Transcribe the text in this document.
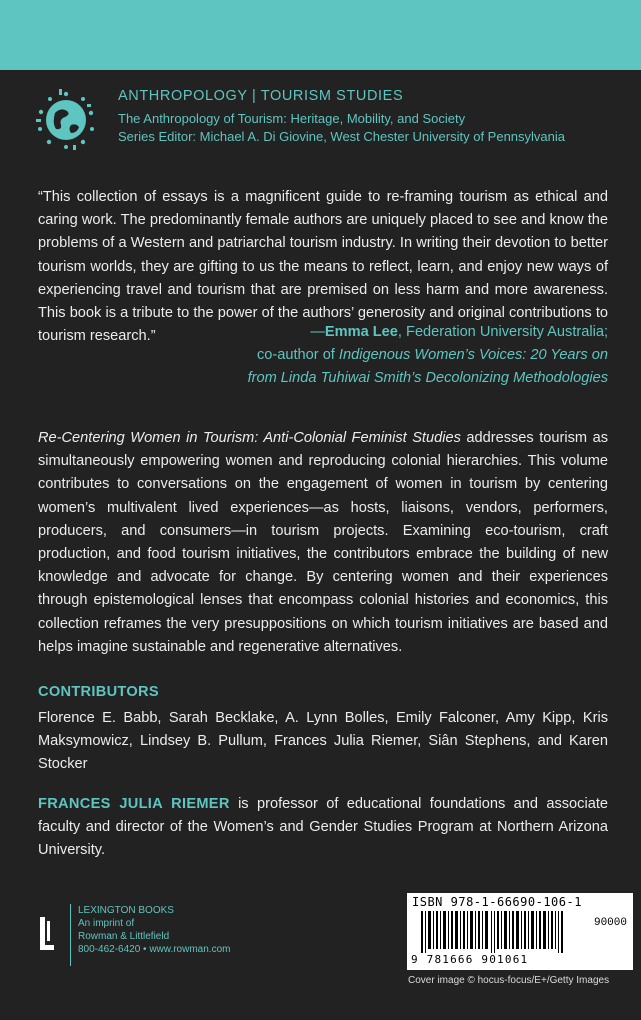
ANTHROPOLOGY | TOURISM STUDIES
The Anthropology of Tourism: Heritage, Mobility, and Society
Series Editor: Michael A. Di Giovine, West Chester University of Pennsylvania
“This collection of essays is a magnificent guide to re-framing tourism as ethical and caring work. The predominantly female authors are uniquely placed to see and know the problems of a Western and patriarchal tourism industry. In writing their devotion to better tourism worlds, they are gifting to us the means to reflect, learn, and enjoy new ways of experiencing travel and tourism that are premised on less harm and more awareness. This book is a tribute to the power of the authors’ generosity and original contributions to tourism research.”	—Emma Lee, Federation University Australia;
co-author of Indigenous Women’s Voices: 20 Years on
from Linda Tuhiwai Smith’s Decolonizing Methodologies
Re-Centering Women in Tourism: Anti-Colonial Feminist Studies addresses tourism as simultaneously empowering women and reproducing colonial hierarchies. This volume contributes to conversations on the engagement of women in tourism by centering women’s multivalent lived experiences—as hosts, liaisons, vendors, performers, producers, and consumers—in tourism projects. Examining eco-tourism, craft production, and food tourism initiatives, the contributors embrace the building of new knowledge and advocate for change. By centering women and their experiences through epistemological lenses that encompass colonial histories and economics, this collection reframes the very presuppositions on which tourism initiatives are based and helps imagine sustainable and regenerative alternatives.
CONTRIBUTORS
Florence E. Babb, Sarah Becklake, A. Lynn Bolles, Emily Falconer, Amy Kipp, Kris Maksymowicz, Lindsey B. Pullum, Frances Julia Riemer, Siân Stephens, and Karen Stocker
FRANCES JULIA RIEMER is professor of educational foundations and associate faculty and director of the Women’s and Gender Studies Program at Northern Arizona University.
LEXINGTON BOOKS
An imprint of
Rowman & Littlefield
800-462-6420 • www.rowman.com
ISBN 978-1-66690-106-1
90000
9 781666 901061
Cover image © hocus-focus/E+/Getty Images
